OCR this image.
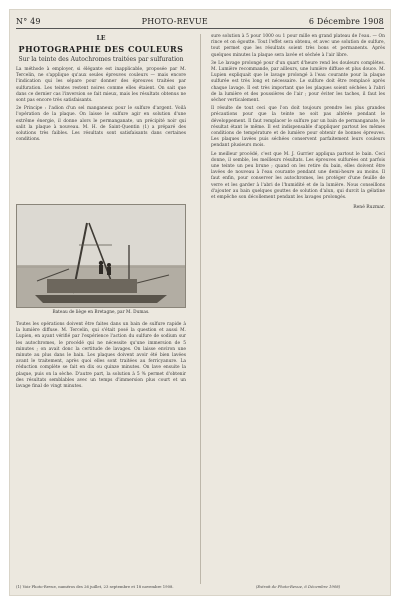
N° 49	PHOTO-REVUE	6 Décembre 1908

LE

PHOTOGRAPHIE DES COULEURS

Sur la teinte des Autochromes traitées par sulfuration

La méthode à employer, si élégante est inapplicable, proposée par M. Tercelin, ne s'applique qu'aux seules épreuves couleurs — mais encore l'indication qui les sépare pour donner des épreuves traitées par sulfuration. Les teintes restent noires comme elles étaient. On sait que dans ce dernier cas l'inversion se fait mieux, mais les résultats obtenus ne sont pas encore très satisfaisants.

2e Principe : l'adion d'un sel manganeux pour le sulfure d'argent. Voilà l'opération de la plaque. On laisse le sulfure agir en solution d'une extrême énergie, il donne alors le permanganate, un précipité noir qui salit la plaque à nouveau. M. H. de Saint-Quentin (1) a préparé des solutions très faibles. Les résultats sont satisfaisants dans certaines conditions.

Bateau de liège en Bretagne, par M. Dumas.

Toutes les opérations doivent être faites dans un bain de sulfure rapide à la lumière diffuse. M. Tercelin, qui s'était posé la question et aussi M. Lupien, en ayant vérifié par l'expérience l'action du sulfure de sodium sur les autochromes, le procédé qui ne nécessite qu'une immersion de 5 minutes ; on avait donc la certitude de lavages. On laisse environ une minute au plus dans le bain. Les plaques doivent avoir été bien lavées avant le traitement, après quoi elles sont traitées au ferricyanure. La réduction complète se fait en dix ou quinze minutes. On lave ensuite la plaque, puis on la sèche. D'autre part, la solution à 5 % permet d'obtenir des résultats semblables avec un temps d'immersion plus court et un lavage final de vingt minutes.

sure solution à 5 pour 1000 ou 1 pour mille en grand plateau de l'eau. — On rince et on égoutte. Tout l'effet sera obtenu, et avec une solution de sulfure, tout permet que les résultats soient très bons et permanents. Après quelques minutes la plaque sera lavée et séchée à l'air libre.

3e Le lavage prolongé pour d'un quart d'heure rend les douleurs complètes. M. Lumière recommande, par ailleurs, une lumière diffuse et plus douce. M. Lupien expliquait que le lavage prolongé à l'eau courante pour la plaque sulfurée est très long et nécessaire. Le sulfure doit être remplacé après chaque lavage. Il est très important que les plaques soient séchées à l'abri de la lumière et des poussières de l'air ; pour éviter les taches, il faut les sécher verticalement.

Il résulte de tout ceci que l'on doit toujours prendre les plus grandes précautions pour que la teinte ne soit pas altérée pendant le développement. Il faut remplacer le sulfure par un bain de permanganate, le résultat étant le même. Il est indispensable d'appliquer partout les mêmes conditions de température et de lumière pour obtenir de bonnes épreuves. Les plaques lavées puis séchées conservent parfaitement leurs couleurs pendant plusieurs mois.

Le meilleur procédé, c'est que M. J. Gurrier appliqua partout le bain. Ceci donne, il semble, les meilleurs résultats. Les épreuves sulfurées ont parfois une teinte un peu brune ; quand on les retire du bain, elles doivent être lavées de nouveau à l'eau courante pendant une demi-heure au moins. Il faut enfin, pour conserver les autochromes, les protéger d'une feuille de verre et les garder à l'abri de l'humidité et de la lumière. Nous conseillons d'ajouter au bain quelques gouttes de solution d'alun, qui durcit la gélatine et empêche son décollement pendant les lavages prolongés.

René Ruzmar.

(1) Voir Photo-Revue, numéros des 26 juillet, 23 septembre et 18 novembre 1908.	(Extrait de Photo-Revue, 6 Décembre 1908)
